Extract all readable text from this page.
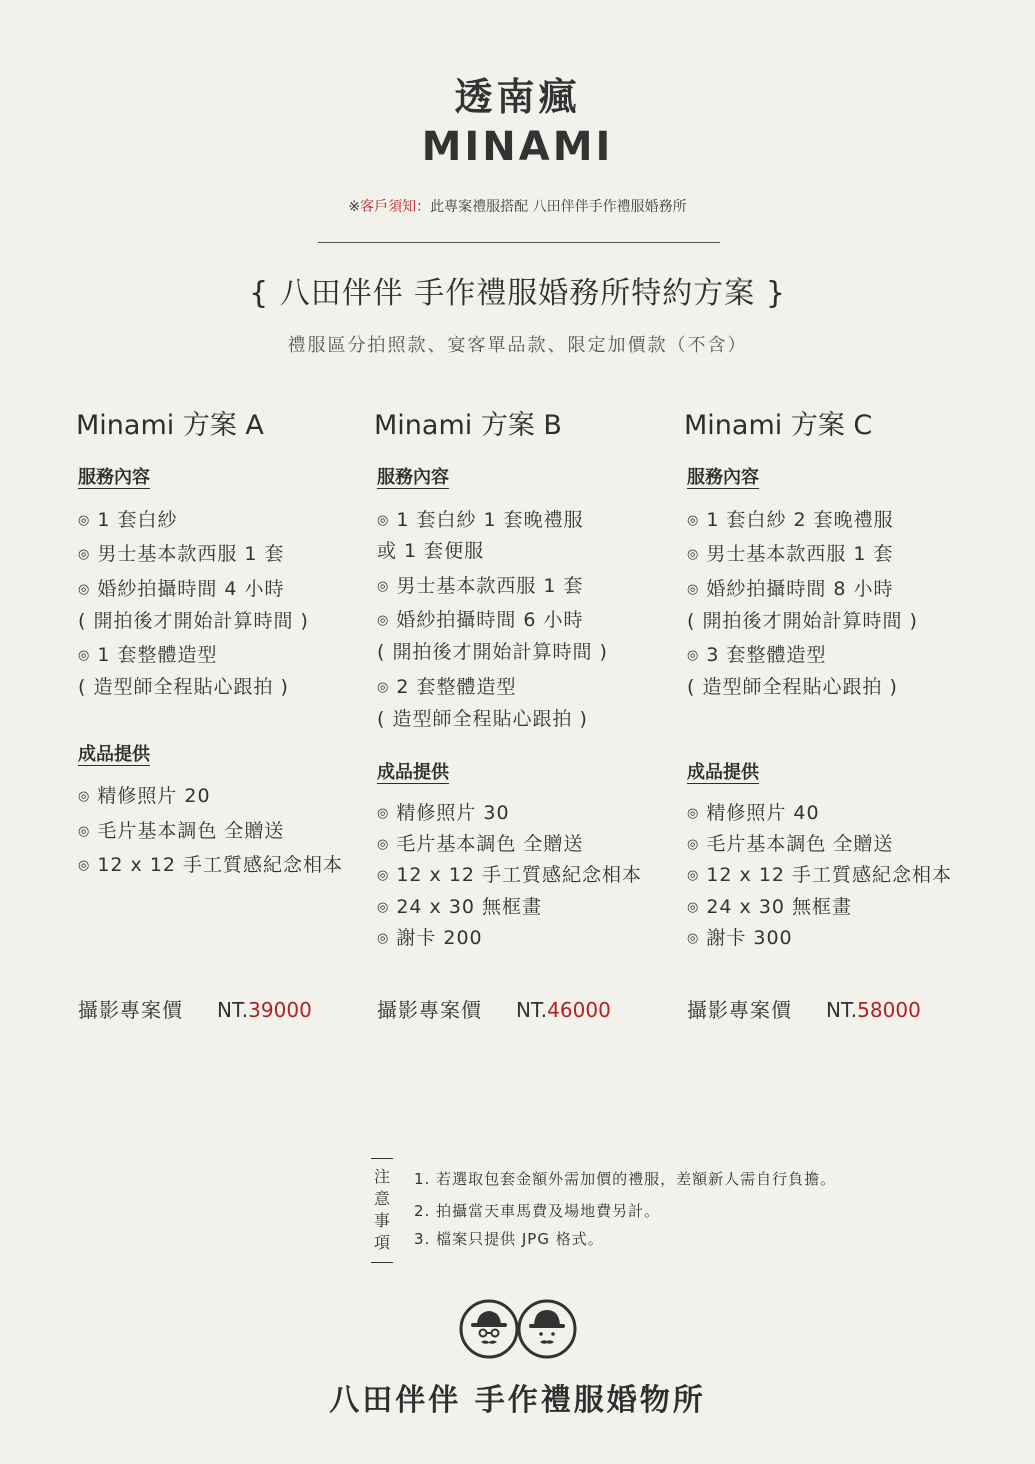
透南瘋
MINAMI
※客戶須知：此專案禮服搭配 八田伴伴手作禮服婚務所
{ 八田伴伴 手作禮服婚務所特約方案 }
禮服區分拍照款、宴客單品款、限定加價款（不含）
Minami 方案 A
服務內容
◎ 1 套白紗
◎ 男士基本款西服 1 套
◎ 婚紗拍攝時間 4 小時
( 開拍後才開始計算時間 )
◎ 1 套整體造型
( 造型師全程貼心跟拍 )
成品提供
◎ 精修照片 20
◎ 毛片基本調色 全贈送
◎ 12 x 12 手工質感紀念相本
攝影專案價 NT.39000
Minami 方案 B
服務內容
◎ 1 套白紗 1 套晚禮服
或 1 套便服
◎ 男士基本款西服 1 套
◎ 婚紗拍攝時間 6 小時
( 開拍後才開始計算時間 )
◎ 2 套整體造型
( 造型師全程貼心跟拍 )
成品提供
◎ 精修照片 30
◎ 毛片基本調色 全贈送
◎ 12 x 12 手工質感紀念相本
◎ 24 x 30 無框畫
◎ 謝卡 200
攝影專案價 NT.46000
Minami 方案 C
服務內容
◎ 1 套白紗 2 套晚禮服
◎ 男士基本款西服 1 套
◎ 婚紗拍攝時間 8 小時
( 開拍後才開始計算時間 )
◎ 3 套整體造型
( 造型師全程貼心跟拍 )
成品提供
◎ 精修照片 40
◎ 毛片基本調色 全贈送
◎ 12 x 12 手工質感紀念相本
◎ 24 x 30 無框畫
◎ 謝卡 300
攝影專案價 NT.58000
注
意
事
項
1. 若選取包套金額外需加價的禮服，差額新人需自行負擔。
2. 拍攝當天車馬費及場地費另計。
3. 檔案只提供 JPG 格式。
八田伴伴 手作禮服婚物所
